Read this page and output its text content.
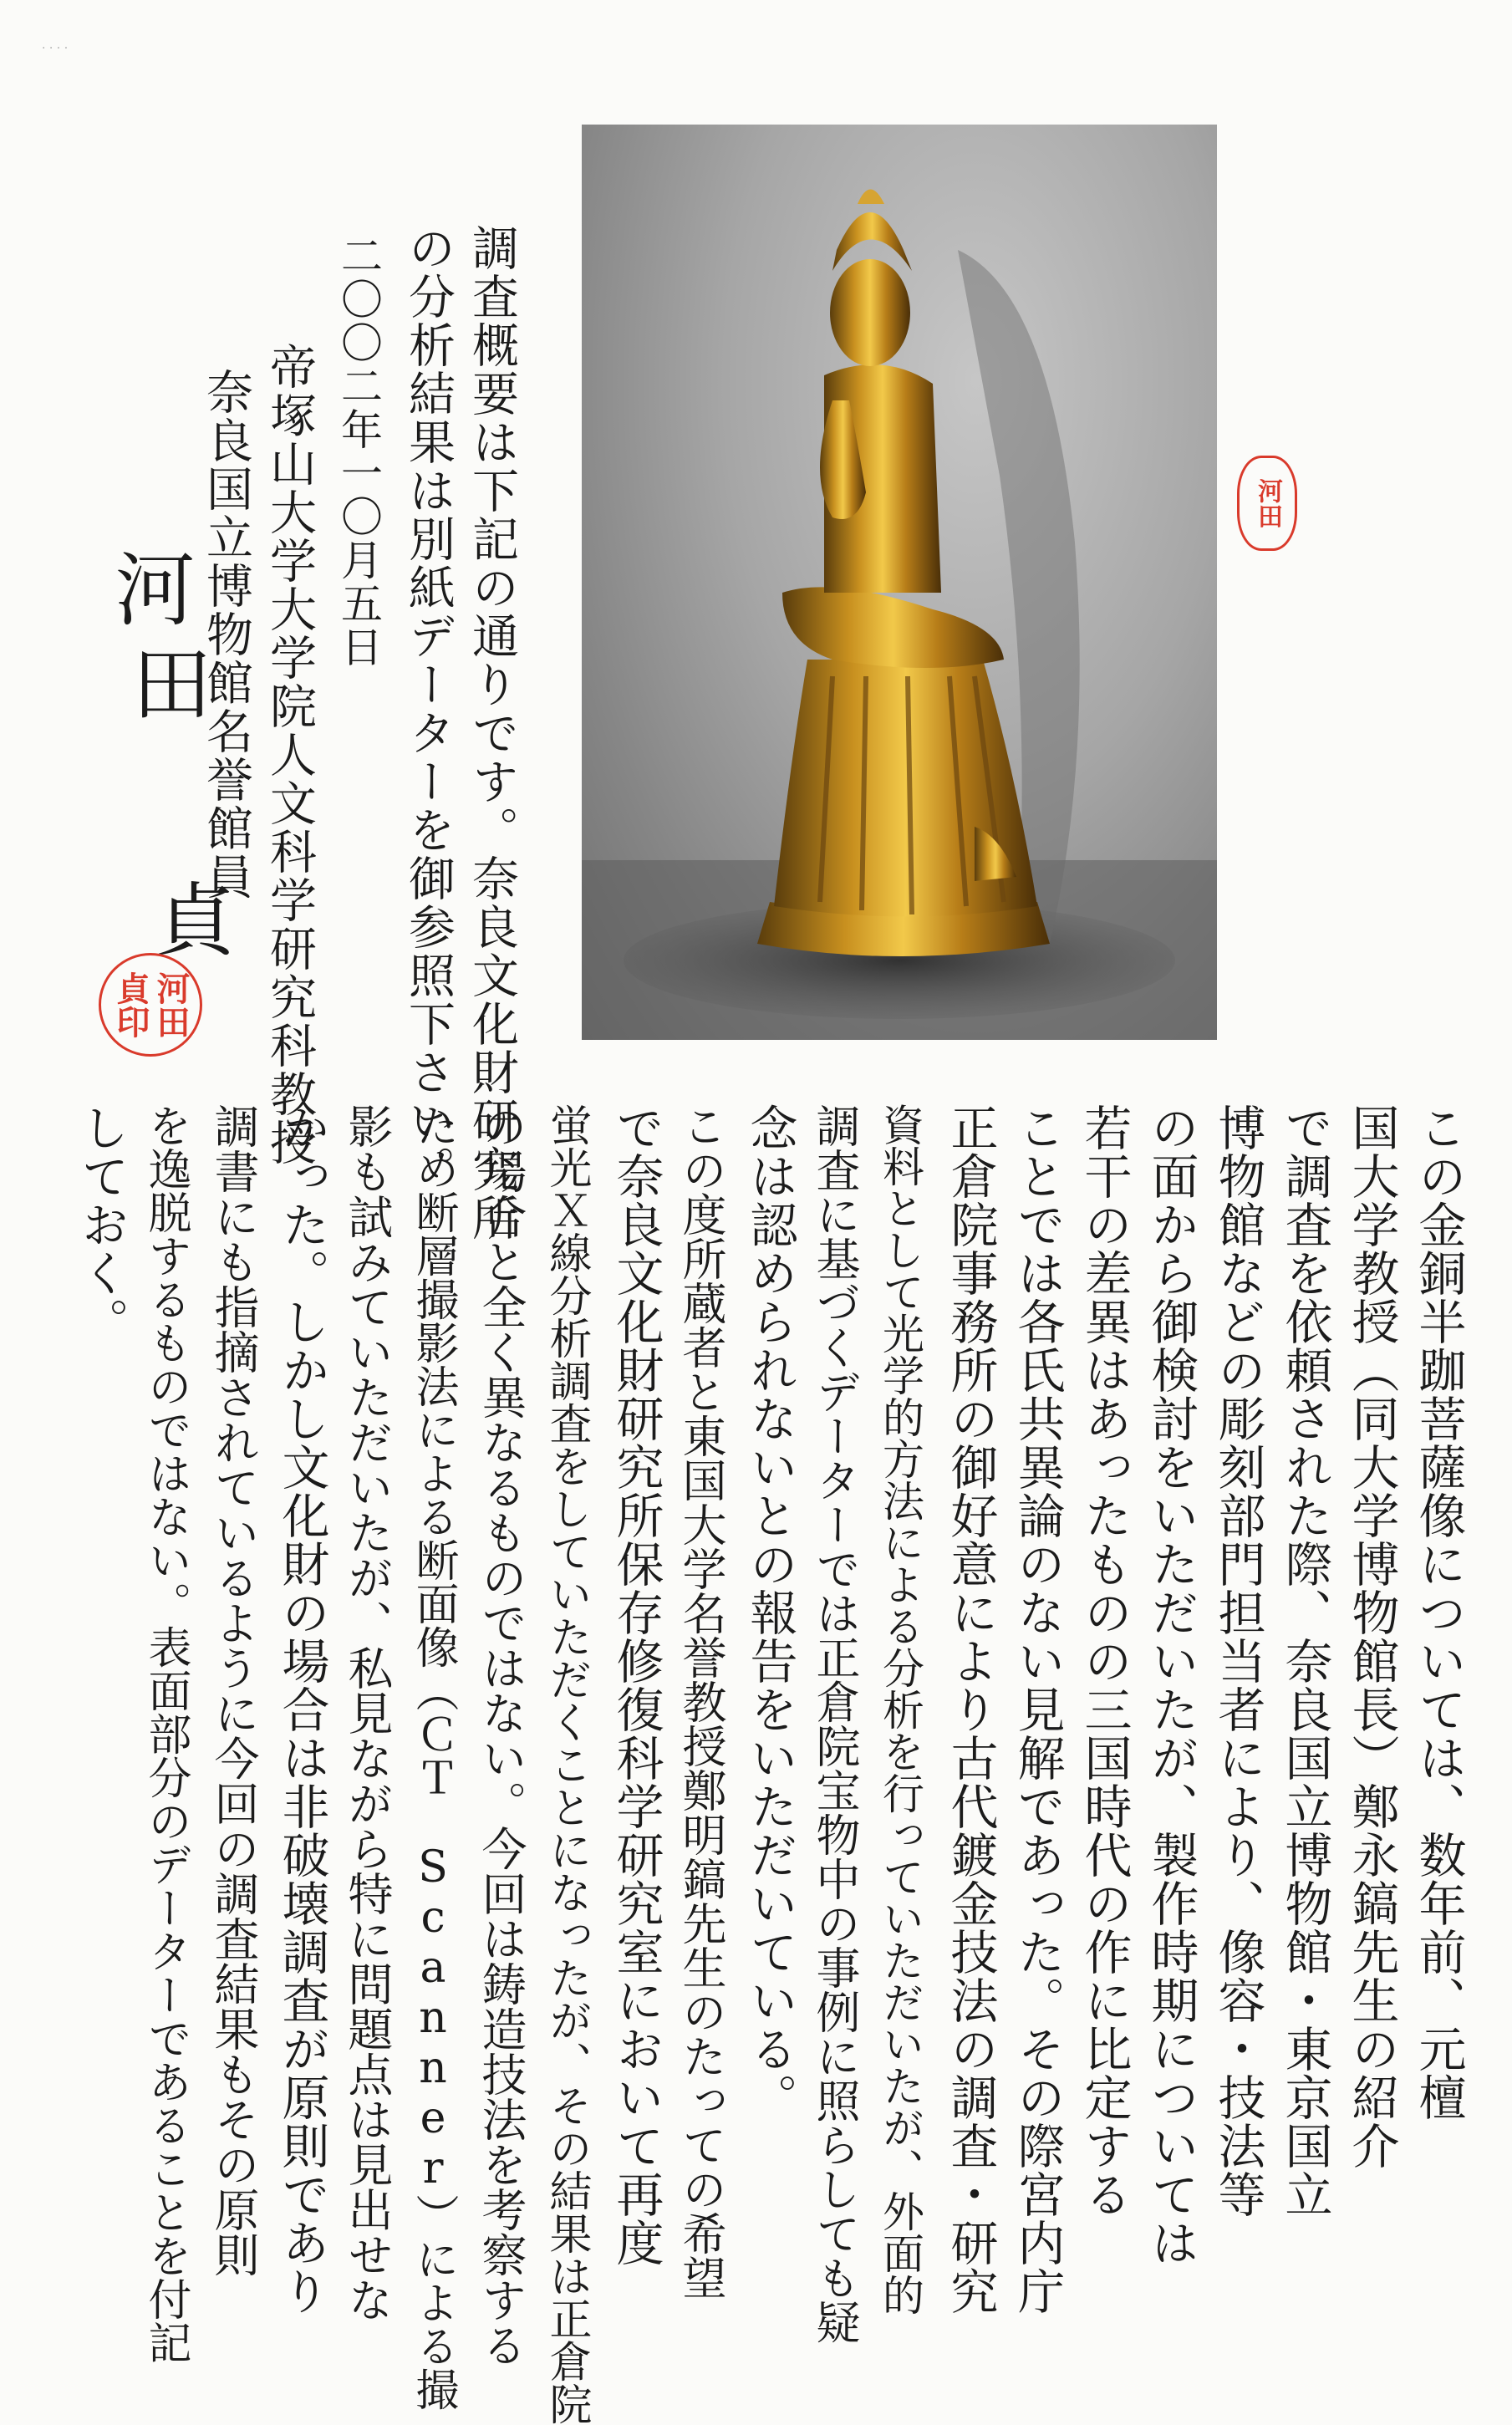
· · · ·
調査概要は下記の通りです。奈良文化財研究所
の分析結果は別紙データーを御参照下さい。
二〇〇二年一〇月五日
帝塚山大学大学院人文科学研究科教授
奈良国立博物館名誉館員
河
田
貞
河田
河
田
貞
印
この金銅半跏菩薩像については、数年前、元檀
国大学教授（同大学博物館長）鄭永鎬先生の紹介
で調査を依頼された際、奈良国立博物館・東京国立
博物館などの彫刻部門担当者により、像容・技法等
の面から御検討をいただいたが、製作時期については
若干の差異はあったものの三国時代の作に比定する
ことでは各氏共異論のない見解であった。その際宮内庁
正倉院事務所の御好意により古代鍍金技法の調査・研究
資料として光学的方法による分析を行っていただいたが、外面的
調査に基づくデーターでは正倉院宝物中の事例に照らしても疑
念は認められないとの報告をいただいている。
この度所蔵者と東国大学名誉教授鄭明鎬先生のたっての希望
で奈良文化財研究所保存修復科学研究室において再度
蛍光Ｘ線分析調査をしていただくことになったが、その結果は正倉院
の場合と全く異なるものではない。今回は鋳造技法を考察する
ため断層撮影法による断面像（ＣＴ　Scanner）による撮
影も試みていただいたが、私見ながら特に問題点は見出せな
かった。しかし文化財の場合は非破壊調査が原則であり
調書にも指摘されているように今回の調査結果もその原則
を逸脱するものではない。表面部分のデーターであることを付記
しておく。
